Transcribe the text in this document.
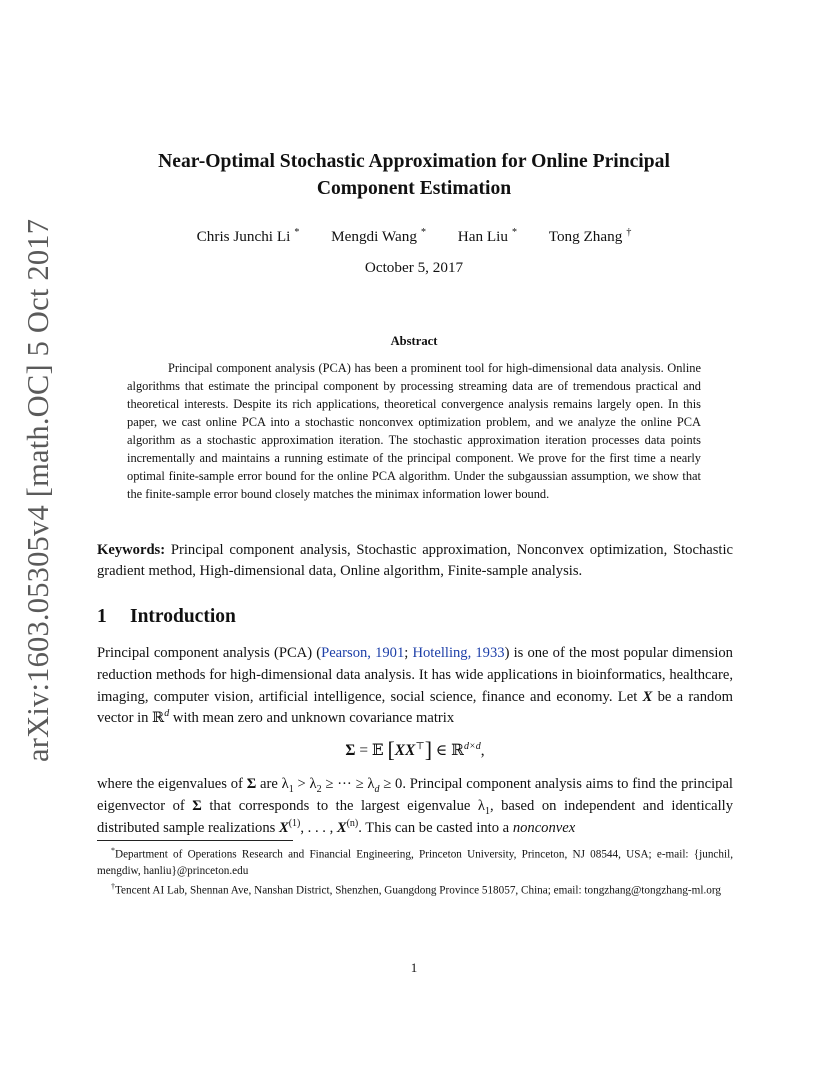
arXiv:1603.05305v4 [math.OC] 5 Oct 2017
Near-Optimal Stochastic Approximation for Online Principal
Component Estimation
Chris Junchi Li * Mengdi Wang * Han Liu * Tong Zhang †
October 5, 2017
Abstract
Principal component analysis (PCA) has been a prominent tool for high-dimensional data analysis. Online algorithms that estimate the principal component by processing streaming data are of tremendous practical and theoretical interests. Despite its rich applications, theoretical convergence analysis remains largely open. In this paper, we cast online PCA into a stochastic nonconvex optimization problem, and we analyze the online PCA algorithm as a stochastic approximation iteration. The stochastic approximation iteration processes data points incrementally and maintains a running estimate of the principal component. We prove for the first time a nearly optimal finite-sample error bound for the online PCA algorithm. Under the subgaussian assumption, we show that the finite-sample error bound closely matches the minimax information lower bound.
Keywords: Principal component analysis, Stochastic approximation, Nonconvex optimization, Stochastic gradient method, High-dimensional data, Online algorithm, Finite-sample analysis.
1 Introduction
Principal component analysis (PCA) (Pearson, 1901; Hotelling, 1933) is one of the most popular dimension reduction methods for high-dimensional data analysis. It has wide applications in bioinformatics, healthcare, imaging, computer vision, artificial intelligence, social science, finance and economy. Let X be a random vector in ℝ$^d$ with mean zero and unknown covariance matrix
Σ = 𝔼 [XX⊤] ∈ ℝ$^{d\times d}$,
where the eigenvalues of Σ are $\lambda_1 > \lambda_2$ ≥ ··· ≥ $\lambda_d \ge 0$. Principal component analysis aims to find the principal eigenvector of Σ that corresponds to the largest eigenvalue $\lambda_1$, based on independent and identically distributed sample realizations $X^{(1)}$, . . . , $X^{(n)}$. This can be casted into a nonconvex

*Department of Operations Research and Financial Engineering, Princeton University, Princeton, NJ 08544, USA; e-mail: {junchil, mengdiw, hanliu}@princeton.edu

†Tencent AI Lab, Shennan Ave, Nanshan District, Shenzhen, Guangdong Province 518057, China; email: tongzhang@tongzhang-ml.org

1
